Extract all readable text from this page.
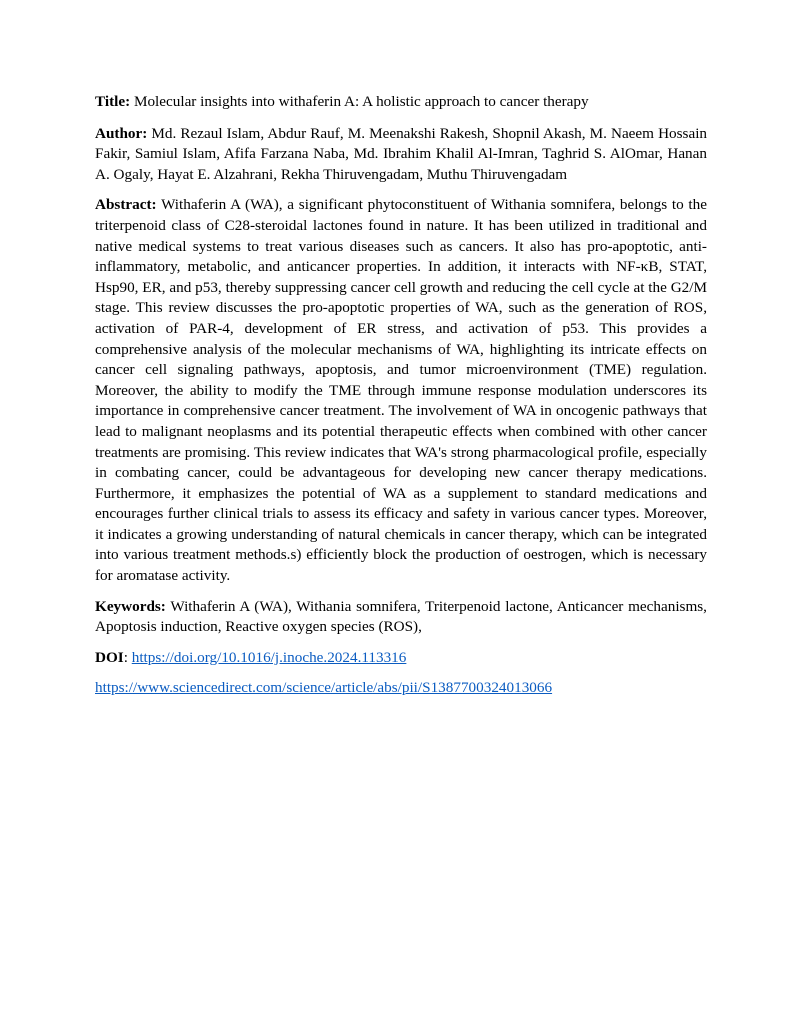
Title: Molecular insights into withaferin A: A holistic approach to cancer therapy

Author: Md. Rezaul Islam, Abdur Rauf, M. Meenakshi Rakesh, Shopnil Akash, M. Naeem Hossain Fakir, Samiul Islam, Afifa Farzana Naba, Md. Ibrahim Khalil Al-Imran, Taghrid S. AlOmar, Hanan A. Ogaly, Hayat E. Alzahrani, Rekha Thiruvengadam, Muthu Thiruvengadam

Abstract: Withaferin A (WA), a significant phytoconstituent of Withania somnifera, belongs to the triterpenoid class of C28-steroidal lactones found in nature. It has been utilized in traditional and native medical systems to treat various diseases such as cancers. It also has pro-apoptotic, anti-inflammatory, metabolic, and anticancer properties. In addition, it interacts with NF-κB, STAT, Hsp90, ER, and p53, thereby suppressing cancer cell growth and reducing the cell cycle at the G2/M stage. This review discusses the pro-apoptotic properties of WA, such as the generation of ROS, activation of PAR-4, development of ER stress, and activation of p53. This provides a comprehensive analysis of the molecular mechanisms of WA, highlighting its intricate effects on cancer cell signaling pathways, apoptosis, and tumor microenvironment (TME) regulation. Moreover, the ability to modify the TME through immune response modulation underscores its importance in comprehensive cancer treatment. The involvement of WA in oncogenic pathways that lead to malignant neoplasms and its potential therapeutic effects when combined with other cancer treatments are promising. This review indicates that WA's strong pharmacological profile, especially in combating cancer, could be advantageous for developing new cancer therapy medications. Furthermore, it emphasizes the potential of WA as a supplement to standard medications and encourages further clinical trials to assess its efficacy and safety in various cancer types. Moreover, it indicates a growing understanding of natural chemicals in cancer therapy, which can be integrated into various treatment methods.s) efficiently block the production of oestrogen, which is necessary for aromatase activity.

Keywords: Withaferin A (WA), Withania somnifera, Triterpenoid lactone, Anticancer mechanisms, Apoptosis induction, Reactive oxygen species (ROS),

DOI: https://doi.org/10.1016/j.inoche.2024.113316

https://www.sciencedirect.com/science/article/abs/pii/S1387700324013066
